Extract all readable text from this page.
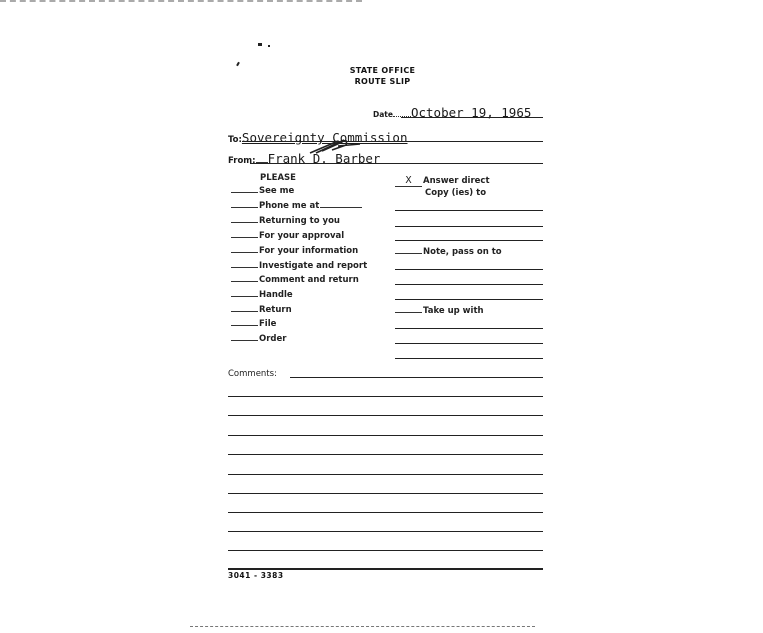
STATE OFFICE
ROUTE SLIP
Date October 19, 1965
To:Sovereignty Commission
From: Frank D. Barber
PLEASE
See me
Phone me at
Returning to you
For your approval
For your information
Investigate and report
Comment and return
Handle
Return
File
Order
X Answer direct
Copy (ies) to
Note, pass on to
Take up with
Comments:
3041 - 3383
